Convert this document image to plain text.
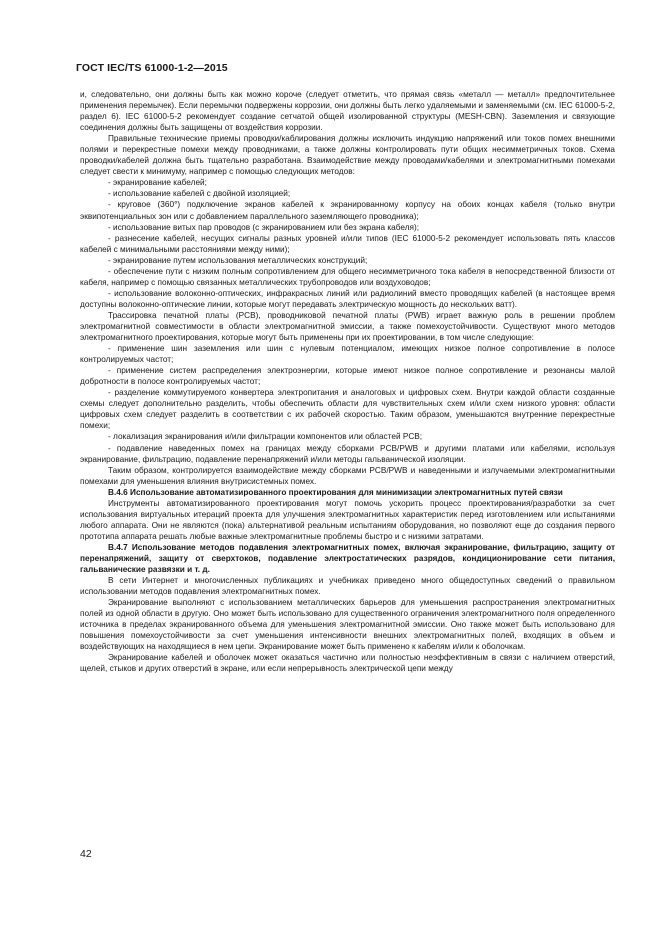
ГОСТ IEC/TS 61000-1-2—2015

и, следовательно, они должны быть как можно короче (следует отметить, что прямая связь «металл — металл» предпочтительнее применения перемычек). Если перемычки подвержены коррозии, они должны быть легко удаляемыми и заменяемыми (см. IEC 61000-5-2, раздел 6). IEC 61000-5-2 рекомендует создание сетчатой общей изолированной структуры (MESH-CBN). Заземления и связующие соединения должны быть защищены от воздействия коррозии.

Правильные технические приемы проводки/каблирования должны исключить индукцию напряжений или токов помех внешними полями и перекрестные помехи между проводниками, а также должны контролировать пути общих несимметричных токов. Схема проводки/кабелей должна быть тщательно разработана. Взаимодействие между проводами/кабелями и электромагнитными помехами следует свести к минимуму, например с помощью следующих методов:

- экранирование кабелей;

- использование кабелей с двойной изоляцией;

- круговое (360°) подключение экранов кабелей к экранированному корпусу на обоих концах кабеля (только внутри эквипотенциальных зон или с добавлением параллельного заземляющего проводника);

- использование витых пар проводов (с экранированием или без экрана кабеля);

- разнесение кабелей, несущих сигналы разных уровней и/или типов (IEC 61000-5-2 рекомендует использовать пять классов кабелей с минимальными расстояниями между ними);

- экранирование путем использования металлических конструкций;

- обеспечение пути с низким полным сопротивлением для общего несимметричного тока кабеля в непосредственной близости от кабеля, например с помощью связанных металлических трубопроводов или воздуховодов;

- использование волоконно-оптических, инфракрасных линий или радиолиний вместо проводящих кабелей (в настоящее время доступны волоконно-оптические линии, которые могут передавать электрическую мощность до нескольких ватт).

Трассировка печатной платы (PCB), проводниковой печатной платы (PWB) играет важную роль в решении проблем электромагнитной совместимости в области электромагнитной эмиссии, а также помехоустойчивости. Существуют много методов электромагнитного проектирования, которые могут быть применены при их проектировании, в том числе следующие:

- применение шин заземления или шин с нулевым потенциалом, имеющих низкое полное сопротивление в полосе контролируемых частот;

- применение систем распределения электроэнергии, которые имеют низкое полное сопротивление и резонансы малой добротности в полосе контролируемых частот;

- разделение коммутируемого конвертера электропитания и аналоговых и цифровых схем. Внутри каждой области созданные схемы следует дополнительно разделить, чтобы обеспечить области для чувствительных схем и/или схем низкого уровня: области цифровых схем следует разделить в соответствии с их рабочей скоростью. Таким образом, уменьшаются внутренние перекрестные помехи;

- локализация экранирования и/или фильтрации компонентов или областей PCB;

- подавление наведенных помех на границах между сборками PCB/PWB и другими платами или кабелями, используя экранирование, фильтрацию, подавление перенапряжений и/или методы гальванической изоляции.

Таким образом, контролируется взаимодействие между сборками PCB/PWB и наведенными и излучаемыми электромагнитными помехами для уменьшения влияния внутрисистемных помех.

В.4.6 Использование автоматизированного проектирования для минимизации электромагнитных путей связи

Инструменты автоматизированного проектирования могут помочь ускорить процесс проектирования/разработки за счет использования виртуальных итераций проекта для улучшения электромагнитных характеристик перед изготовлением или испытаниями любого аппарата. Они не являются (пока) альтернативой реальным испытаниям оборудования, но позволяют еще до создания первого прототипа аппарата решать любые важные электромагнитные проблемы быстро и с низкими затратами.

В.4.7 Использование методов подавления электромагнитных помех, включая экранирование, фильтрацию, защиту от перенапряжений, защиту от сверхтоков, подавление электростатических разрядов, кондиционирование сети питания, гальванические развязки и т. д.

В сети Интернет и многочисленных публикациях и учебниках приведено много общедоступных сведений о правильном использовании методов подавления электромагнитных помех.

Экранирование выполняют с использованием металлических барьеров для уменьшения распространения электромагнитных полей из одной области в другую. Оно может быть использовано для существенного ограничения электромагнитного поля определенного источника в пределах экранированного объема для уменьшения электромагнитной эмиссии. Оно также может быть использовано для повышения помехоустойчивости за счет уменьшения интенсивности внешних электромагнитных полей, входящих в объем и воздействующих на находящиеся в нем цепи. Экранирование может быть применено к кабелям и/или к оболочкам.

Экранирование кабелей и оболочек может оказаться частично или полностью неэффективным в связи с наличием отверстий, щелей, стыков и других отверстий в экране, или если непрерывность электрической цепи между

42
